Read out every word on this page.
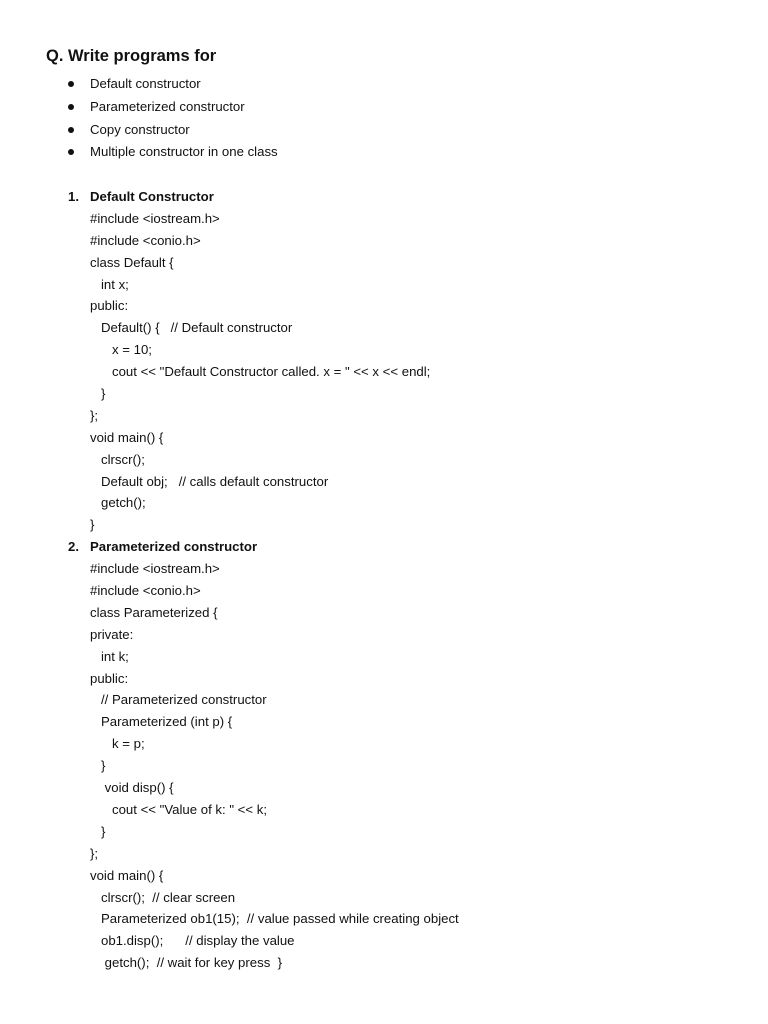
Q. Write programs for
Default constructor
Parameterized constructor
Copy constructor
Multiple constructor in one class
1. Default Constructor
#include <iostream.h>
#include <conio.h>
class Default {
int x;
public:
Default() {   // Default constructor
x = 10;
cout << "Default Constructor called. x = " << x << endl;
}
};
void main() {
clrscr();
Default obj;   // calls default constructor
getch();
}
2. Parameterized constructor
#include <iostream.h>
#include <conio.h>
class Parameterized {
private:
int k;
public:
// Parameterized constructor
Parameterized (int p) {
k = p;
}
void disp() {
cout << "Value of k: " << k;
}
};
void main() {
clrscr();  // clear screen
Parameterized ob1(15);  // value passed while creating object
ob1.disp();      // display the value
getch();  // wait for key press  }
